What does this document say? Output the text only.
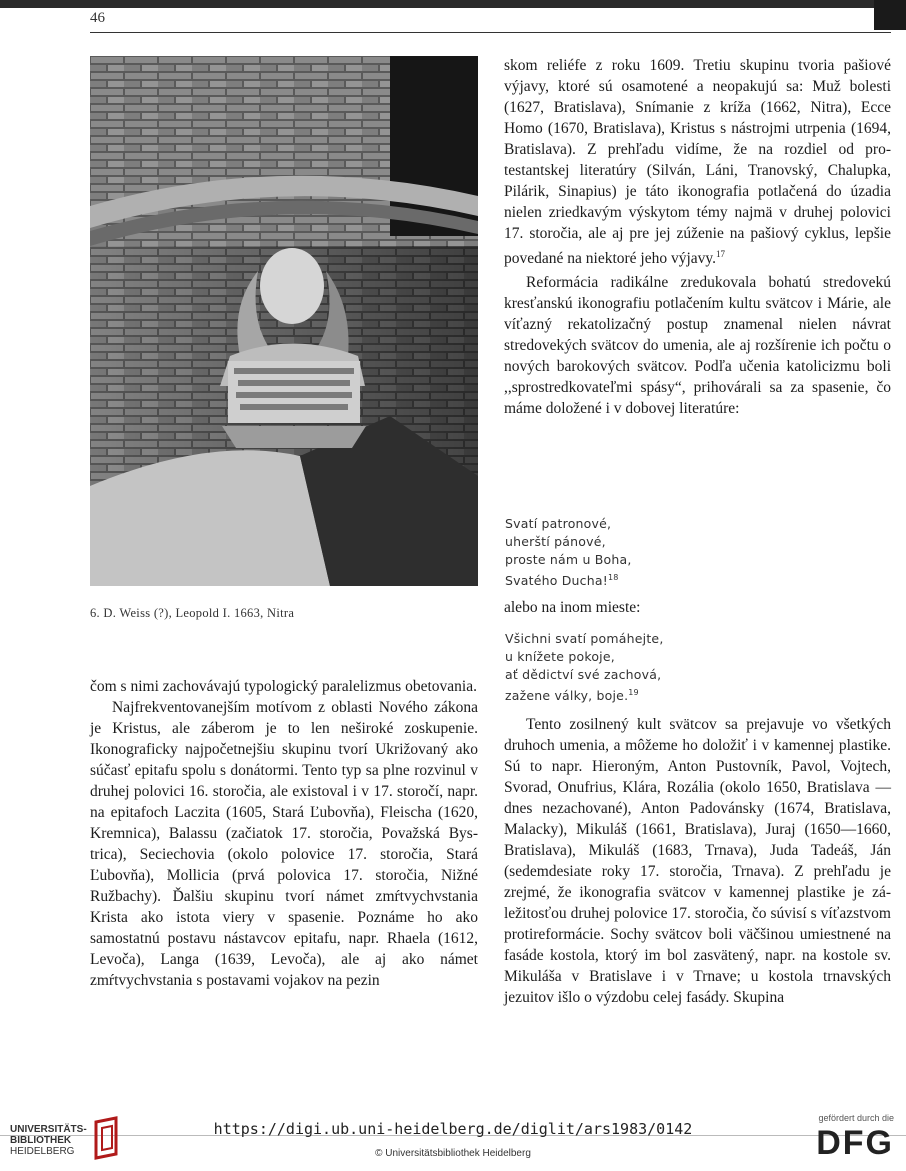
46
6. D. Weiss (?), Leopold I. 1663, Nitra

čom s nimi zachovávajú typologický paralelizmus obetovania.

Najfrekventovanejším motívom z oblasti Nového zákona je Kristus, ale záberom je to len neširoké zoskupenie. Ikonograficky najpočetnejšiu skupinu tvorí Ukrižovaný ako súčasť epitafu spolu s donátormi. Tento typ sa plne rozvinul v druhej polovici 16. storočia, ale existoval i v 17. storočí, napr. na epitafoch Laczita (1605, Stará Ľubovňa), Fleischa (1620, Kremnica), Balassu (začiatok 17. storočia, Považská Bystrica), Seciechovia (okolo polovice 17. storočia, Stará Ľubovňa), Mollicia (prvá polovica 17. storočia, Nižné Ružbachy). Ďalšiu skupinu tvorí námet zmŕtvychvstania Krista ako istota viery v spasenie. Poznáme ho ako samostatnú postavu nástavcov epitafu, napr. Rhaela (1612, Levoča), Langa (1639, Levoča), ale aj ako námet zmŕtvychvstania s postavami vojakov na pezin

skom reliéfe z roku 1609. Tretiu skupinu tvoria pašiové výjavy, ktoré sú osamotené a neopakujú sa: Muž bolesti (1627, Bratislava), Snímanie z kríža (1662, Nitra), Ecce Homo (1670, Bratislava), Kristus s nástrojmi utrpenia (1694, Bratislava). Z prehľadu vidíme, že na rozdiel od protestantskej literatúry (Silván, Láni, Tranovský, Chalupka, Pilárik, Sinapius) je táto ikonografia potlačená do úzadia nielen zriedkavým výskytom témy najmä v druhej polovici 17. storočia, ale aj pre jej zúženie na pašiový cyklus, lepšie povedané na niektoré jeho výjavy.$^{17}$

Reformácia radikálne zredukovala bohatú stredovekú kresťanskú ikonografiu potlačením kultu svätcov i Márie, ale víťazný rekatolizačný postup znamenal nielen návrat stredovekých svätcov do umenia, ale aj rozšírenie ich počtu o nových barokových svätcov. Podľa učenia katolicizmu boli ,,sprostredkovateľmi spásy“, prihovárali sa za spasenie, čo máme doložené i v dobovej literatúre:

Svatí patronové,
uherští pánové,
proste nám u Boha,
Svatého Ducha!$^{18}$
alebo na inom mieste:
Všichni svatí pomáhejte,
u knížete pokoje,
ať dědictví své zachová,
zažene války, boje.$^{19}$

Tento zosilnený kult svätcov sa prejavuje vo všetkých druhoch umenia, a môžeme ho doložiť i v kamennej plastike. Sú to napr. Hieroným, Anton Pustovník, Pavol, Vojtech, Svorad, Onufrius, Klára, Rozália (okolo 1650, Bratislava — dnes nezachované), Anton Padovánsky (1674, Bratislava, Malacky), Mikuláš (1661, Bratislava), Juraj (1650—1660, Bratislava), Mikuláš (1683, Trnava), Juda Tadeáš, Ján (sedemdesiate roky 17. storočia, Trnava). Z prehľadu je zrejmé, že ikonografia svätcov v kamennej plastike je záležitosťou druhej polovice 17. storočia, čo súvisí s víťazstvom protireformácie. Sochy svätcov boli väčšinou umiestnené na fasáde kostola, ktorý im bol zasvätený, napr. na kostole sv. Mikuláša v Bratislave i v Trnave; u kostola trnavských jezuitov išlo o výzdobu celej fasády. Skupina

UNIVERSITÄTS-
BIBLIOTHEK
HEIDELBERG
https://digi.ub.uni-heidelberg.de/diglit/ars1983/0142
© Universitätsbibliothek Heidelberg
gefördert durch die
DFG
